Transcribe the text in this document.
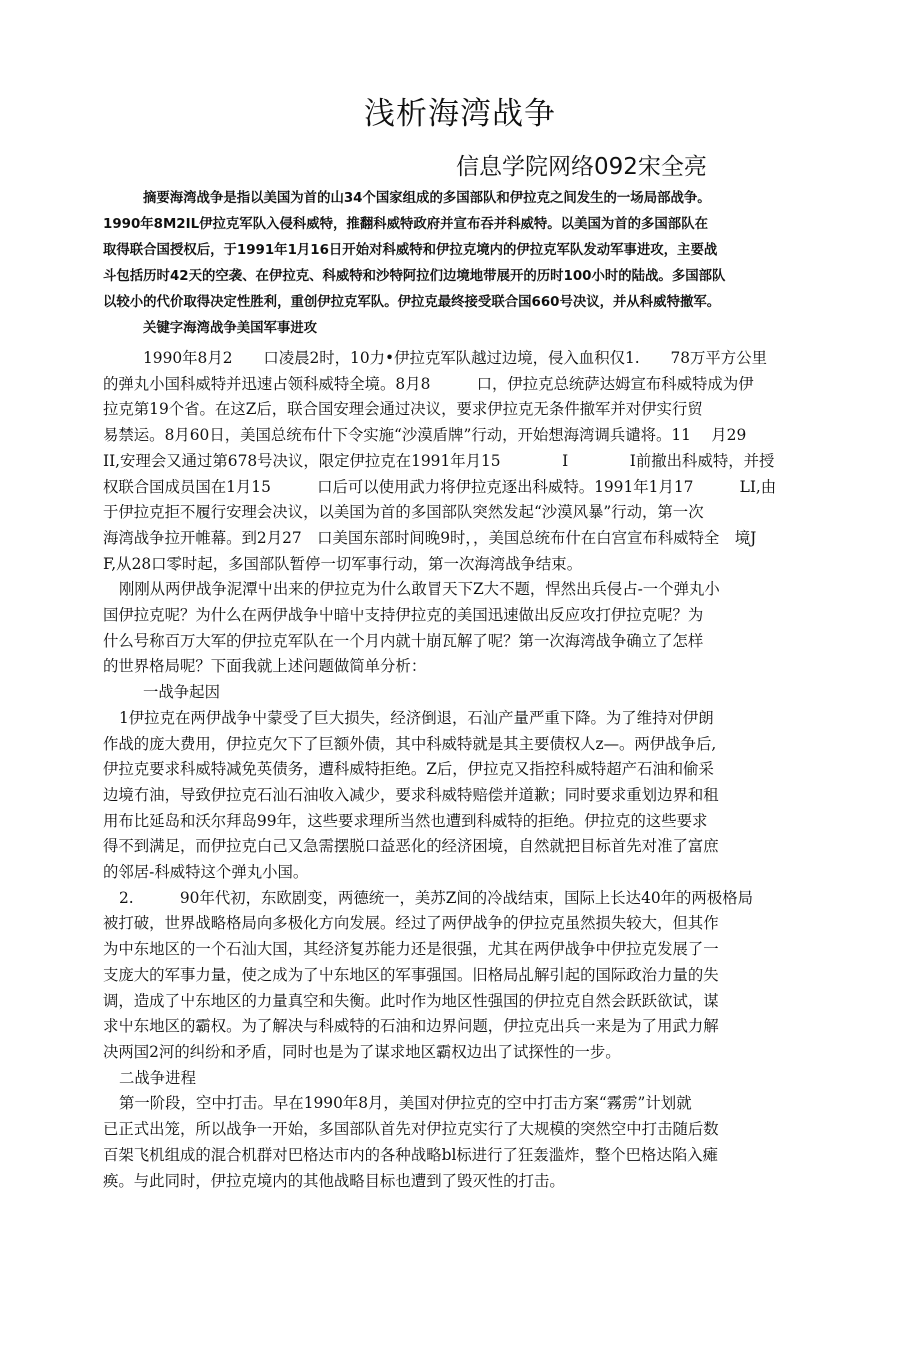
浅析海湾战争

信息学院网络092宋全亮

摘要海湾战争是指以美国为首的山34个国家组成的多国部队和伊拉克之间发生的一场局部战争。
1990年8M2IL伊拉克军队入侵科威特，推翻科威特政府并宣布吞并科威特。以美国为首的多国部队在
取得联合国授权后，于1991年1月16日开始对科威特和伊拉克境内的伊拉克军队发动军事进攻，主要战
斗包括历时42天的空袭、在伊拉克、科威特和沙特阿拉们边境地带展开的历时100小时的陆战。多国部队
以较小的代价取得决定性胜利，重创伊拉克军队。伊拉克最终接受联合国660号决议，并从科威特撤军。
关键字海湾战争美国军事进攻
1990年8月2　　口凌晨2时，10力•伊拉克军队越过边境，侵入血积仅1.　　78万平方公里
的弹丸小国科威特并迅速占领科威特全境。8月8　　　口，伊拉克总统萨达姆宣布科威特成为伊
拉克第19个省。在这Z后，联合国安理会通过决议，要求伊拉克无条件撤军并对伊实行贸
易禁运。8月60日，美国总统布什下令实施“沙漠盾牌”行动，开始想海湾调兵谴将。11　 月29
II,安理会又通过第678号决议，限定伊拉克在1991年月15　　　　I　　　　I前撤出科威特，并授
权联合国成员国在1月15　　　口后可以使用武力将伊拉克逐出科威特。1991年1月17　　　LI,由
于伊拉克拒不履行安理会决议，以美国为首的多国部队突然发起“沙漠风暴”行动，第一次
海湾战争拉开帷幕。到2月27　口美国东部时间晚9时，，美国总统布什在白宫宣布科威特全　境J
F,从28口零时起，多国部队暂停一切军事行动，第一次海湾战争结束。
刚刚从两伊战争泥潭屮出来的伊拉克为什么敢冒天下Z大不题，悍然出兵侵占-一个弹丸小
国伊拉克呢？为什么在两伊战争屮暗屮支持伊拉克的美国迅速做出反应攻打伊拉克呢？为
什么号称百万大军的伊拉克军队在一个月内就十崩瓦解了呢？第一次海湾战争确立了怎样
的世界格局呢？下面我就上述问题做简单分析：
一战争起因
1伊拉克在两伊战争屮蒙受了巨大损失，经济倒退，石汕产量严重下降。为了维持对伊朗
作战的庞大费用，伊拉克欠下了巨额外债，其中科威特就是其主要债权人z—。两伊战争后,
伊拉克要求科威特减免英债务，遭科威特拒绝。Z后，伊拉克又指控科威特超产石油和偷采
边境冇油，导致伊拉克石汕石油收入减少，要求科威特赔偿并道歉；同时要求重划边界和租
用布比延岛和沃尔拜岛99年，这些要求理所当然也遭到科威特的拒绝。伊拉克的这些要求
得不到满足，而伊拉克白己又急需摆脱口益恶化的经济困境，自然就把目标首先对准了富庶
的邻居-科威特这个弹丸小国。
2.　　　90年代初，东欧剧变，两德统一，美苏Z间的冷战结束，国际上长达40年的两极格局
被打破，世界战略格局向多极化方向发展。经过了两伊战争的伊拉克虽然损失较大，但其作
为中东地区的一个石汕大国，其经济复苏能力还是很强，尤其在两伊战争中伊拉克发展了一
支庞大的军事力量，使之成为了屮东地区的军事强国。旧格局乩解引起的国际政治力量的失
调，造成了屮东地区的力量真空和失衡。此吋作为地区性强国的伊拉克自然会跃跃欲试，谋
求屮东地区的霸权。为了解决与科威特的石油和边界问题，伊拉克出兵一来是为了用武力解
决两国2河的纠纷和矛盾，同时也是为了谋求地区霸权边出了试探性的一步。
二战争进程
第一阶段，空中打击。早在1990年8月，美国对伊拉克的空中打击方案“霧雳”计划就
已正式出笼，所以战争一开始，多国部队首先对伊拉克实行了大规模的突然空中打击随后数
百架飞机组成的混合机群对巴格达市内的各种战略bl标进行了狂轰滥炸，整个巴格达陷入瘫
痪。与此同时，伊拉克境内的其他战略目标也遭到了毁灭性的打击。
